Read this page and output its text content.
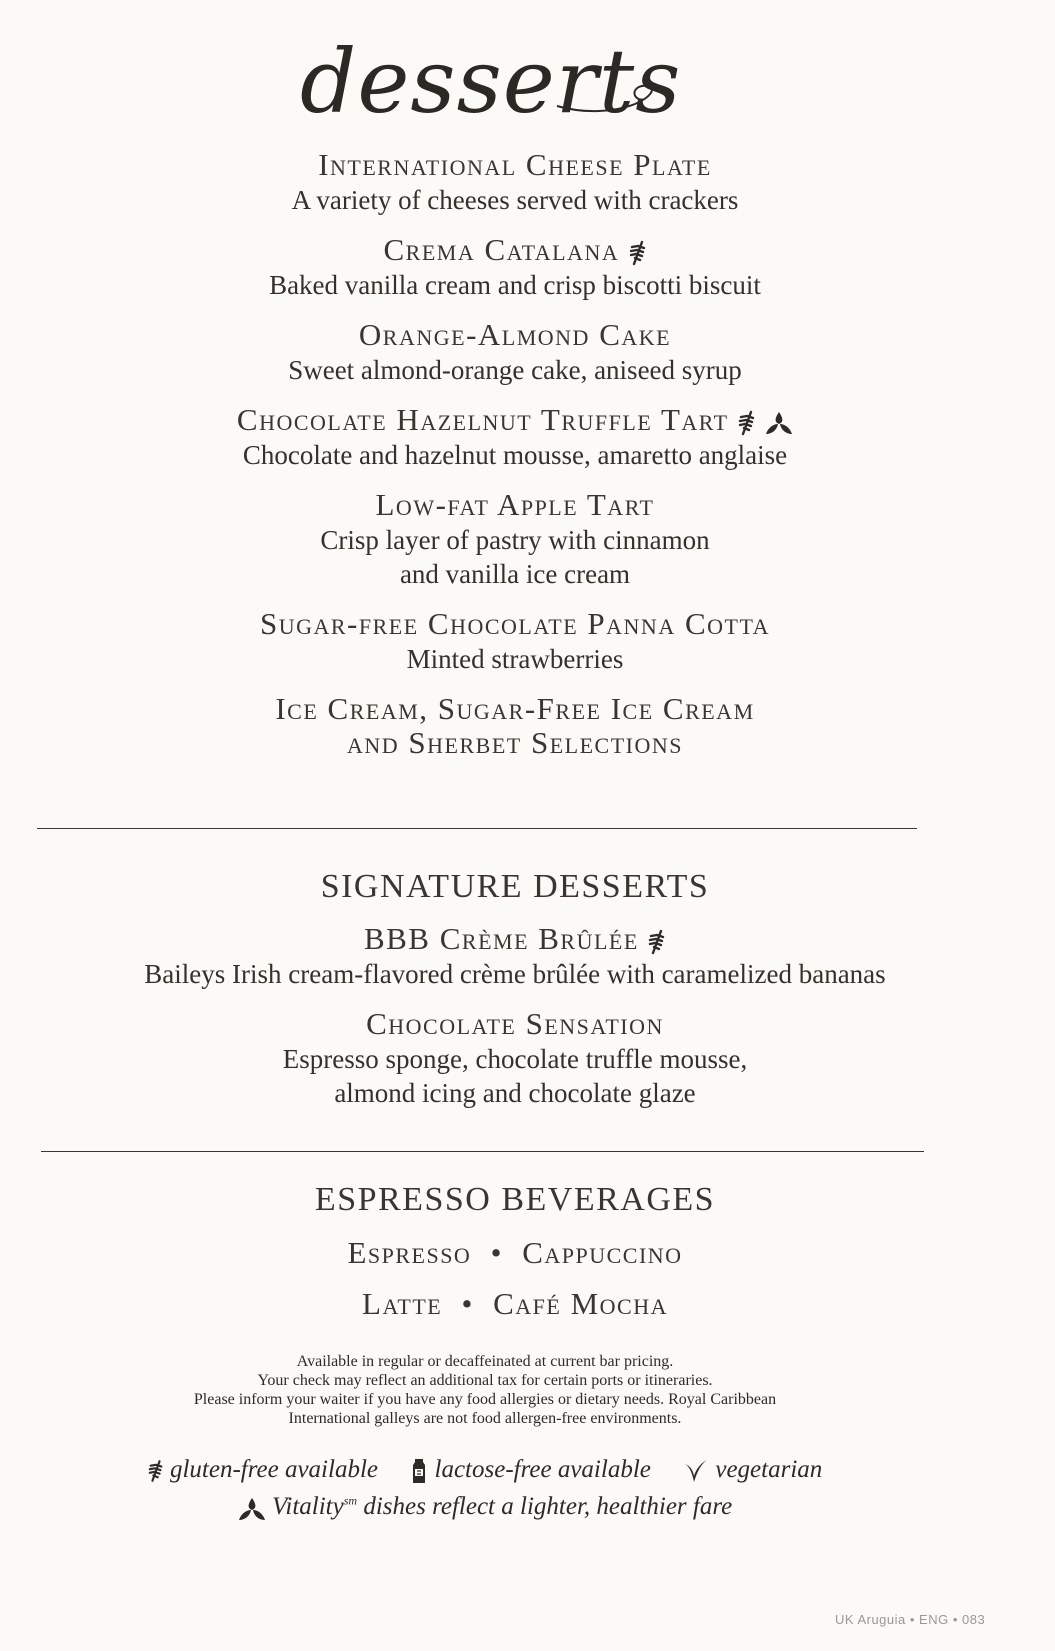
desserts
International Cheese Plate
A variety of cheeses served with crackers
Crema Catalana
Baked vanilla cream and crisp biscotti biscuit
Orange-Almond Cake
Sweet almond-orange cake, aniseed syrup
Chocolate Hazelnut Truffle Tart
Chocolate and hazelnut mousse, amaretto anglaise
Low-fat Apple Tart
Crisp layer of pastry with cinnamon
and vanilla ice cream
Sugar-free Chocolate Panna Cotta
Minted strawberries
Ice Cream, Sugar-Free Ice Cream
and Sherbet Selections
SIGNATURE DESSERTS
BBB Crème Brûlée
Baileys Irish cream-flavored crème brûlée with caramelized bananas
Chocolate Sensation
Espresso sponge, chocolate truffle mousse,
almond icing and chocolate glaze
ESPRESSO BEVERAGES
Espresso • Cappuccino
Latte • Café Mocha
Available in regular or decaffeinated at current bar pricing.
Your check may reflect an additional tax for certain ports or itineraries.
Please inform your waiter if you have any food allergies or dietary needs. Royal Caribbean
International galleys are not food allergen-free environments.
gluten-free available lactose-free available	vegetarian
Vitality$^{sm}$ dishes reflect a lighter, healthier fare
UK Aruguia • ENG • 083
